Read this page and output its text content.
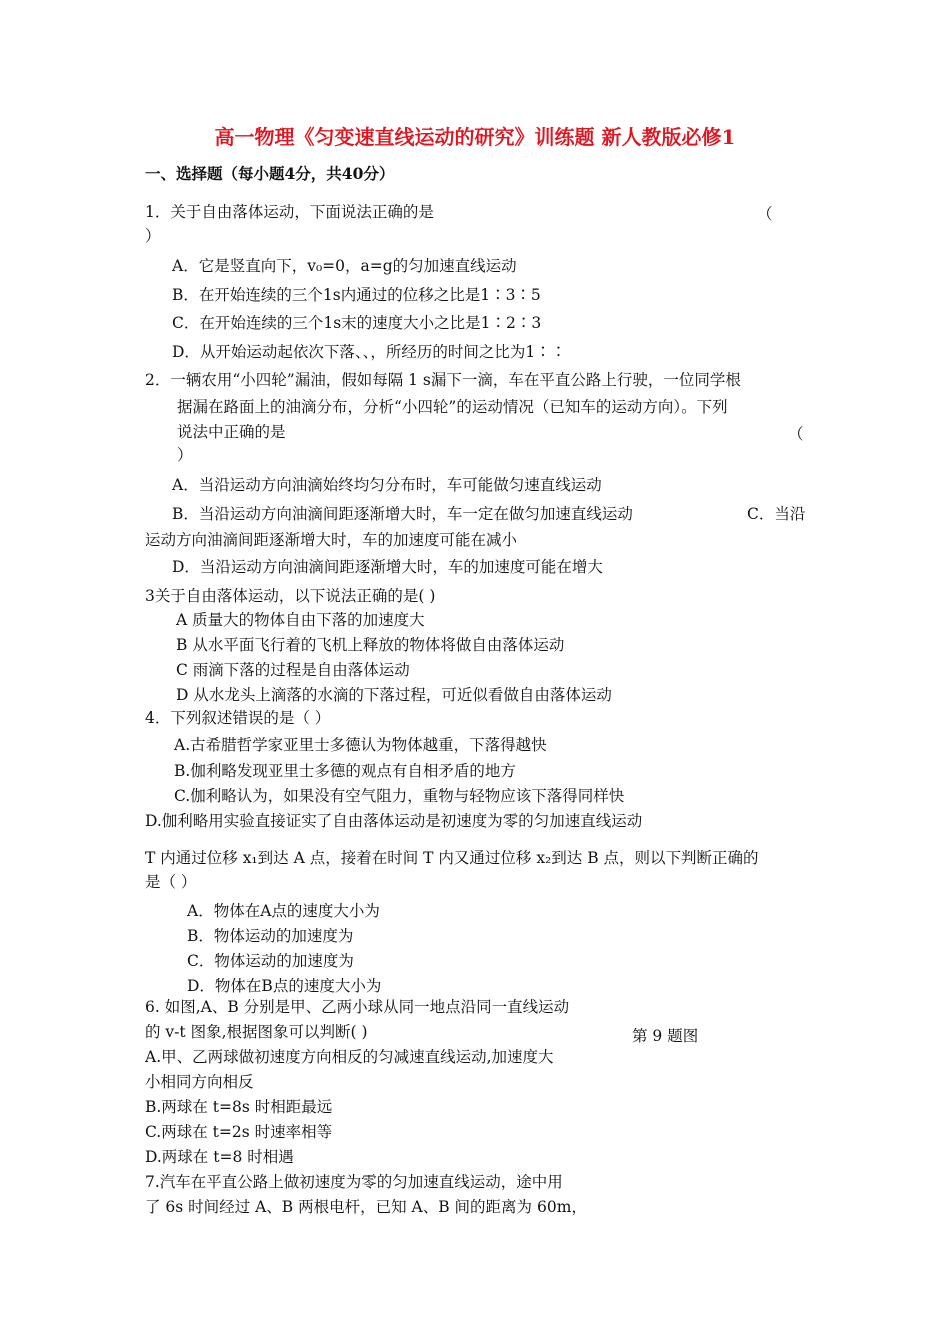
高一物理《匀变速直线运动的研究》训练题 新人教版必修1
一、选择题（每小题4分，共40分）
1．关于自由落体运动，下面说法正确的是	（
）
A．它是竖直向下，v₀=0，a=g的匀加速直线运动
B．在开始连续的三个1s内通过的位移之比是1∶3∶5
C．在开始连续的三个1s末的速度大小之比是1∶2∶3
D．从开始运动起依次下落、、，所经历的时间之比为1∶∶
2．一辆农用“小四轮”漏油，假如每隔 1 s漏下一滴，车在平直公路上行驶，一位同学根
据漏在路面上的油滴分布，分析“小四轮”的运动情况（已知车的运动方向）。下列
说法中正确的是	（
）
A．当沿运动方向油滴始终均匀分布时，车可能做匀速直线运动
B．当沿运动方向油滴间距逐渐增大时，车一定在做匀加速直线运动	C．当沿
运动方向油滴间距逐渐增大时，车的加速度可能在减小
D．当沿运动方向油滴间距逐渐增大时，车的加速度可能在增大
3关于自由落体运动，以下说法正确的是( )
A 质量大的物体自由下落的加速度大
B 从水平面飞行着的飞机上释放的物体将做自由落体运动
C 雨滴下落的过程是自由落体运动
D 从水龙头上滴落的水滴的下落过程，可近似看做自由落体运动
4．下列叙述错误的是（ ）
A.古希腊哲学家亚里士多德认为物体越重，下落得越快
B.伽利略发现亚里士多德的观点有自相矛盾的地方
C.伽利略认为，如果没有空气阻力，重物与轻物应该下落得同样快
D.伽利略用实验直接证实了自由落体运动是初速度为零的匀加速直线运动
T 内通过位移 x₁到达 A 点，接着在时间 T 内又通过位移 x₂到达 B 点，则以下判断正确的
是（ ）
A．物体在A点的速度大小为
B．物体运动的加速度为
C．物体运动的加速度为
D．物体在B点的速度大小为
6. 如图,A、B 分别是甲、乙两小球从同一地点沿同一直线运动
的 v-t 图象,根据图象可以判断( )	第 9 题图
A.甲、乙两球做初速度方向相反的匀减速直线运动,加速度大
小相同方向相反
B.两球在 t=8s 时相距最远
C.两球在 t=2s 时速率相等
D.两球在 t=8 时相遇
7.汽车在平直公路上做初速度为零的匀加速直线运动，途中用
了 6s 时间经过 A、B 两根电杆，已知 A、B 间的距离为 60m，
